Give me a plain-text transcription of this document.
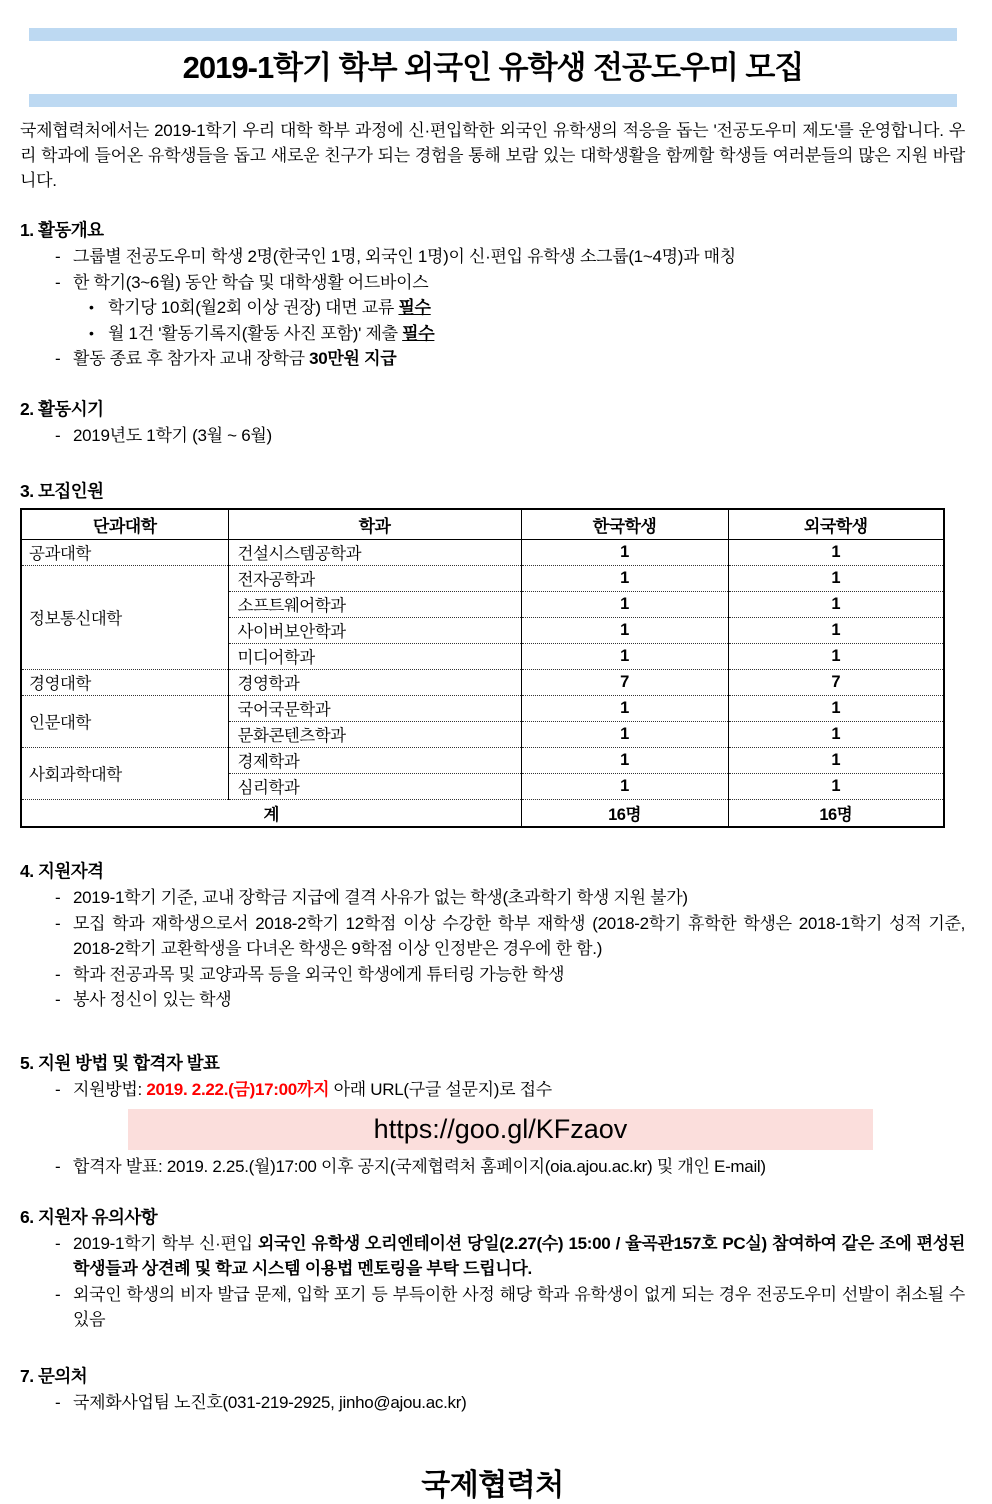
2019-1학기 학부 외국인 유학생 전공도우미 모집

국제협력처에서는 2019-1학기 우리 대학 학부 과정에 신·편입학한 외국인 유학생의 적응을 돕는 '전공도우미 제도'를 운영합니다. 우리 학과에 들어온 유학생들을 돕고 새로운 친구가 되는 경험을 통해 보람 있는 대학생활을 함께할 학생들 여러분들의 많은 지원 바랍니다.

1. 활동개요
- 그룹별 전공도우미 학생 2명(한국인 1명, 외국인 1명)이 신·편입 유학생 소그룹(1~4명)과 매칭
- 한 학기(3~6월) 동안 학습 및 대학생활 어드바이스
• 학기당 10회(월2회 이상 권장) 대면 교류 필수
• 월 1건 '활동기록지(활동 사진 포함)' 제출 필수
- 활동 종료 후 참가자 교내 장학금 30만원 지급
2. 활동시기
- 2019년도 1학기 (3월 ~ 6월)
3. 모집인원
단과대학	학과	한국학생	외국학생
공과대학	건설시스템공학과	1	1
정보통신대학	전자공학과	1	1
	소프트웨어학과	1	1
	사이버보안학과	1	1
	미디어학과	1	1
경영대학	경영학과	7	7
인문대학	국어국문학과	1	1
	문화콘텐츠학과	1	1
사회과학대학	경제학과	1	1
	심리학과	1	1
계		16명	16명
4. 지원자격
- 2019-1학기 기준, 교내 장학금 지급에 결격 사유가 없는 학생(초과학기 학생 지원 불가)
- 모집 학과 재학생으로서 2018-2학기 12학점 이상 수강한 학부 재학생 (2018-2학기 휴학한 학생은 2018-1학기 성적 기준, 2018-2학기 교환학생을 다녀온 학생은 9학점 이상 인정받은 경우에 한 함.)
- 학과 전공과목 및 교양과목 등을 외국인 학생에게 튜터링 가능한 학생
- 봉사 정신이 있는 학생
5. 지원 방법 및 합격자 발표
- 지원방법: 2019. 2.22.(금)17:00까지 아래 URL(구글 설문지)로 접수
https://goo.gl/KFzaov
- 합격자 발표: 2019. 2.25.(월)17:00 이후 공지(국제협력처 홈페이지(oia.ajou.ac.kr) 및 개인 E-mail)
6. 지원자 유의사항
- 2019-1학기 학부 신·편입 외국인 유학생 오리엔테이션 당일(2.27(수) 15:00 / 율곡관157호 PC실) 참여하여 같은 조에 편성된 학생들과 상견례 및 학교 시스템 이용법 멘토링을 부탁 드립니다.
- 외국인 학생의 비자 발급 문제, 입학 포기 등 부득이한 사정 해당 학과 유학생이 없게 되는 경우 전공도우미 선발이 취소될 수 있음
7. 문의처
- 국제화사업팀 노진호(031-219-2925, jinho@ajou.ac.kr)
국제협력처
